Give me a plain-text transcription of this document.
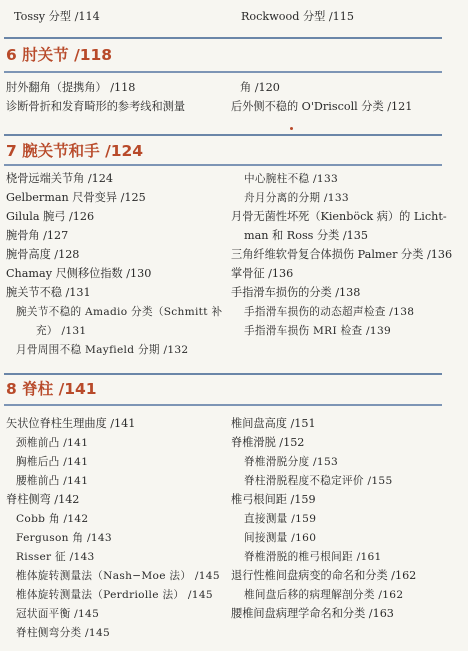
Tossy 分型 /114	Rockwood 分型 /115
6 肘关节 /118
肘外翻角（提携角） /118
诊断骨折和发育畸形的参考线和测量
角 /120
后外侧不稳的 O'Driscoll 分类 /121
7 腕关节和手 /124
桡骨远端关节角 /124
Gelberman 尺骨变异 /125
Gilula 腕弓 /126
腕骨角 /127
腕骨高度 /128
Chamay 尺侧移位指数 /130
腕关节不稳 /131
腕关节不稳的 Amadio 分类（Schmitt 补
充） /131
月骨周围不稳 Mayfield 分期 /132
中心腕柱不稳 /133
舟月分离的分期 /133
月骨无菌性坏死（Kienböck 病）的 Licht-
man 和 Ross 分类 /135
三角纤维软骨复合体损伤 Palmer 分类 /136
掌骨征 /136
手指滑车损伤的分类 /138
手指滑车损伤的动态超声检查 /138
手指滑车损伤 MRI 检查 /139
8 脊柱 /141
矢状位脊柱生理曲度 /141
颈椎前凸 /141
胸椎后凸 /141
腰椎前凸 /141
脊柱侧弯 /142
Cobb 角 /142
Ferguson 角 /143
Risser 征 /143
椎体旋转测量法（Nash−Moe 法） /145
椎体旋转测量法（Perdriolle 法） /145
冠状面平衡 /145
脊柱侧弯分类 /145
椎间盘高度 /151
脊椎滑脱 /152
脊椎滑脱分度 /153
脊柱滑脱程度不稳定评价 /155
椎弓根间距 /159
直接测量 /159
间接测量 /160
脊椎滑脱的椎弓根间距 /161
退行性椎间盘病变的命名和分类 /162
椎间盘后移的病理解剖分类 /162
腰椎间盘病理学命名和分类 /163
